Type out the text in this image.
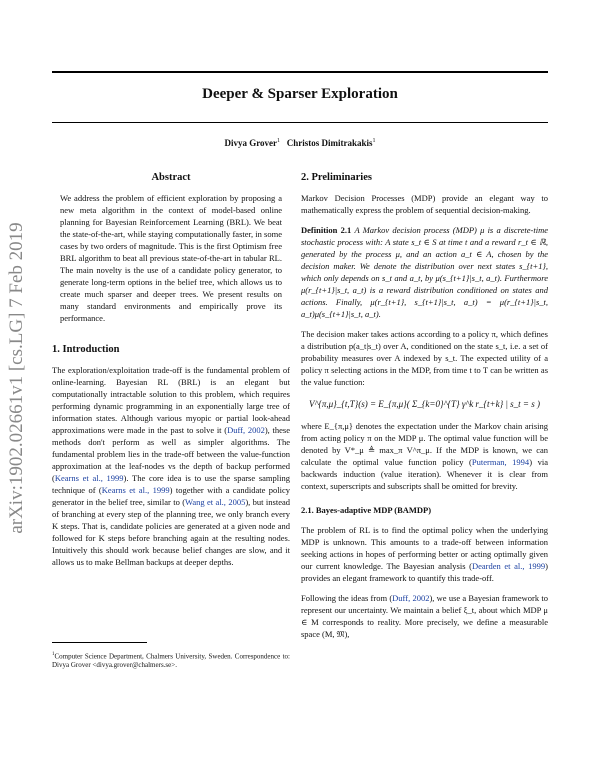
arXiv:1902.02661v1 [cs.LG] 7 Feb 2019
Deeper & Sparser Exploration
Divya Grover$^1$ Christos Dimitrakakis$^1$
Abstract

We address the problem of efficient exploration by proposing a new meta algorithm in the context of model-based online planning for Bayesian Reinforcement Learning (BRL). We beat the state-of-the-art, while staying computationally faster, in some cases by two orders of magnitude. This is the first Optimism free BRL algorithm to beat all previous state-of-the-art in tabular RL. The main novelty is the use of a candidate policy generator, to generate long-term options in the belief tree, which allows us to create much sparser and deeper trees. We present results on many standard environments and empirically prove its performance.

1. Introduction

The exploration/exploitation trade-off is the fundamental problem of online-learning. Bayesian RL (BRL) is an elegant but computationally intractable solution to this problem, which requires performing dynamic programming in an exponentially large tree of information states. Although various myopic or partial look-ahead approximations were made in the past to solve it (Duff, 2002), these methods don't perform as well as simpler algorithms. The fundamental problem lies in the trade-off between the value-function approximation at the leaf-nodes vs the depth of backup performed (Kearns et al., 1999). The core idea is to use the sparse sampling technique of (Kearns et al., 1999) together with a candidate policy generator in the belief tree, similar to (Wang et al., 2005), but instead of branching at every step of the planning tree, we only branch every K steps. That is, candidate policies are generated at a given node and followed for K steps before branching again at the resulting nodes. Intuitively this should work because belief changes are slow, and it allows us to make Bellman backups at deeper depths.

$^1$Computer Science Department, Chalmers University, Sweden. Correspondence to: Divya Grover <divya.grover@chalmers.se>.
2. Preliminaries

Markov Decision Processes (MDP) provide an elegant way to mathematically express the problem of sequential decision-making.

Definition 2.1 A Markov decision process (MDP) μ is a discrete-time stochastic process with: A state s_t ∈ S at time t and a reward r_t ∈ ℝ, generated by the process μ, and an action a_t ∈ A, chosen by the decision maker. We denote the distribution over next states s_{t+1}, which only depends on s_t and a_t, by μ(s_{t+1}|s_t, a_t). Furthermore μ(r_{t+1}|s_t, a_t) is a reward distribution conditioned on states and actions. Finally, μ(r_{t+1}, s_{t+1}|s_t, a_t) = μ(r_{t+1}|s_t, a_t)μ(s_{t+1}|s_t, a_t).

The decision maker takes actions according to a policy π, which defines a distribution p(a_t|s_t) over A, conditioned on the state s_t, i.e. a set of probability measures over A indexed by s_t. The expected utility of a policy π selecting actions in the MDP, from time t to T can be written as the value function:

V^{π,μ}_{t,T}(s) = E_{π,μ}( Σ_{k=0}^{T} γ^k r_{t+k} | s_t = s )

where E_{π,μ} denotes the expectation under the Markov chain arising from acting policy π on the MDP μ. The optimal value function will be denoted by V*_μ ≜ max_π V^π_μ. If the MDP is known, we can calculate the optimal value function policy (Puterman, 1994) via backwards induction (value iteration). Whenever it is clear from context, superscripts and subscripts shall be omitted for brevity.

2.1. Bayes-adaptive MDP (BAMDP)

The problem of RL is to find the optimal policy when the underlying MDP is unknown. This amounts to a trade-off between information seeking actions in hopes of performing better or acting optimally given our current knowledge. The Bayesian analysis (Dearden et al., 1999) provides an elegant framework to quantify this trade-off.

Following the ideas from (Duff, 2002), we use a Bayesian framework to represent our uncertainty. We maintain a belief ξ_t, about which MDP μ ∈ M corresponds to reality. More precisely, we define a measurable space (M, 𝔐),
